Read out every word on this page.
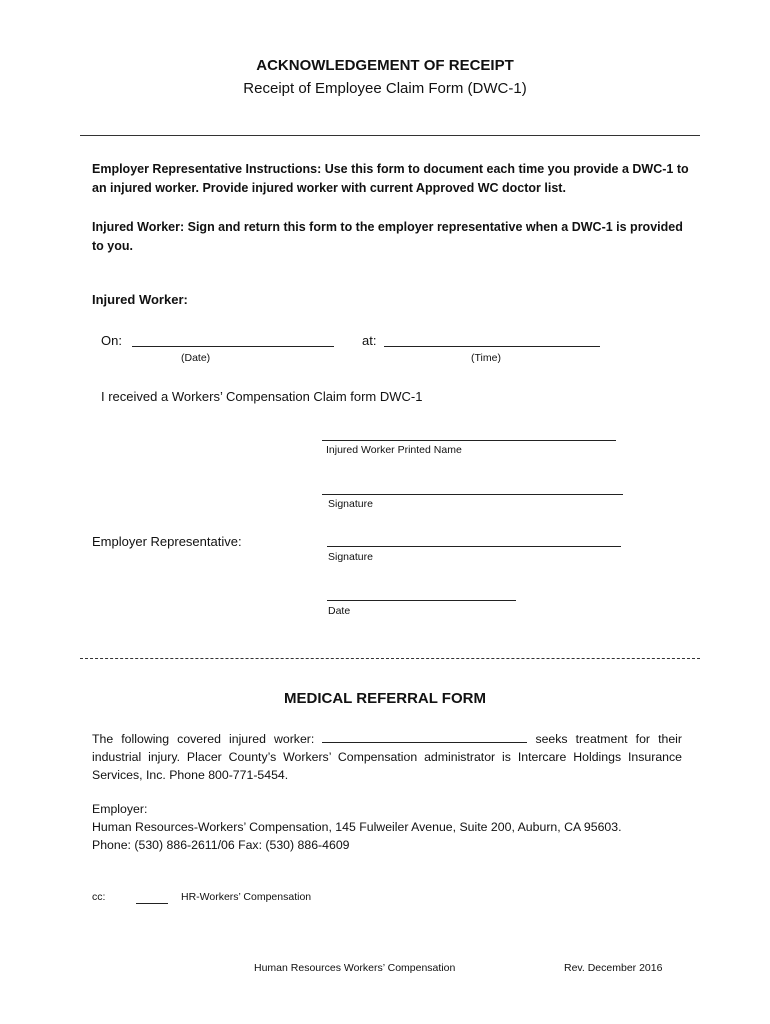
ACKNOWLEDGEMENT OF RECEIPT
Receipt of Employee Claim Form (DWC-1)
Employer Representative Instructions: Use this form to document each time you provide a DWC-1 to an injured worker. Provide injured worker with current Approved WC doctor list.
Injured Worker: Sign and return this form to the employer representative when a DWC-1 is provided to you.
Injured Worker:
On:
(Date)
at:
(Time)
I received a Workers’ Compensation Claim form DWC-1
Injured Worker Printed Name
Signature
Employer Representative:
Signature
Date
MEDICAL REFERRAL FORM
The following covered injured worker:	seeks treatment for their industrial injury. Placer County’s Workers’ Compensation administrator is Intercare Holdings Insurance Services, Inc. Phone 800-771-5454.
Employer:
Human Resources-Workers’ Compensation, 145 Fulweiler Avenue, Suite 200, Auburn, CA 95603.
Phone: (530) 886-2611/06 Fax: (530) 886-4609
cc:	HR-Workers’ Compensation
Human Resources Workers’ Compensation	Rev. December 2016
